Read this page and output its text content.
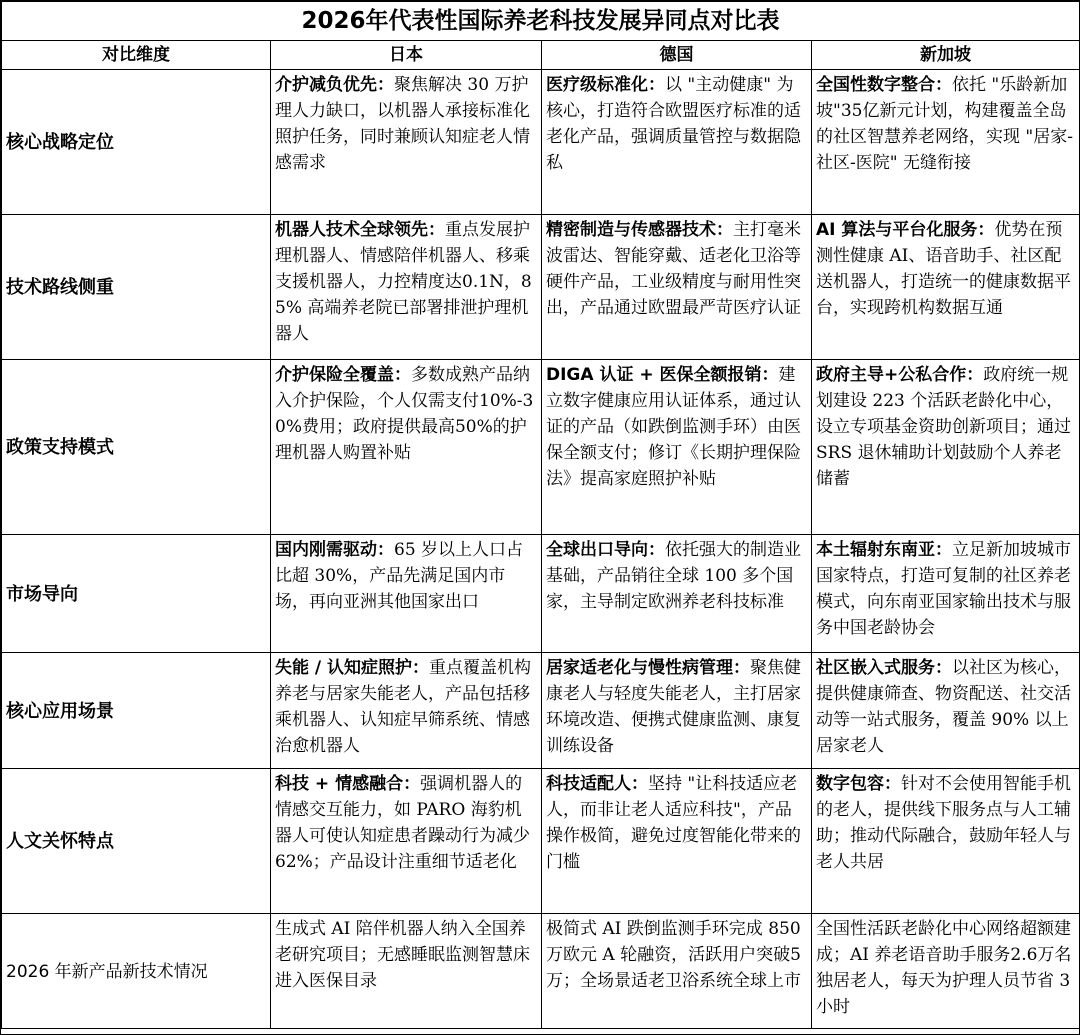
2026年代表性国际养老科技发展异同点对比表			
对比维度	日本	德国	新加坡
核心战略定位	介护减负优先：聚焦解决 30 万护理人力缺口，以机器人承接标准化照护任务，同时兼顾认知症老人情感需求	医疗级标准化：以 "主动健康" 为核心，打造符合欧盟医疗标准的适老化产品，强调质量管控与数据隐私	全国性数字整合：依托 "乐龄新加坡"35亿新元计划，构建覆盖全岛的社区智慧养老网络，实现 "居家-社区-医院" 无缝衔接
技术路线侧重	机器人技术全球领先：重点发展护理机器人、情感陪伴机器人、移乘支援机器人，力控精度达0.1N，85% 高端养老院已部署排泄护理机器人	精密制造与传感器技术：主打毫米波雷达、智能穿戴、适老化卫浴等硬件产品，工业级精度与耐用性突出，产品通过欧盟最严苛医疗认证	AI 算法与平台化服务：优势在预测性健康 AI、语音助手、社区配送机器人，打造统一的健康数据平台，实现跨机构数据互通
政策支持模式	介护保险全覆盖：多数成熟产品纳入介护保险，个人仅需支付10%-30%费用；政府提供最高50%的护理机器人购置补贴	DIGA 认证 + 医保全额报销：建立数字健康应用认证体系，通过认证的产品（如跌倒监测手环）由医保全额支付；修订《长期护理保险法》提高家庭照护补贴	政府主导+公私合作：政府统一规划建设 223 个活跃老龄化中心，设立专项基金资助创新项目；通过 SRS 退休辅助计划鼓励个人养老储蓄
市场导向	国内刚需驱动：65 岁以上人口占比超 30%，产品先满足国内市场，再向亚洲其他国家出口	全球出口导向：依托强大的制造业基础，产品销往全球 100 多个国家，主导制定欧洲养老科技标准	本土辐射东南亚：立足新加坡城市国家特点，打造可复制的社区养老模式，向东南亚国家输出技术与服务中国老龄协会
核心应用场景	失能 / 认知症照护：重点覆盖机构养老与居家失能老人，产品包括移乘机器人、认知症早筛系统、情感治愈机器人	居家适老化与慢性病管理：聚焦健康老人与轻度失能老人，主打居家环境改造、便携式健康监测、康复训练设备	社区嵌入式服务：以社区为核心，提供健康筛查、物资配送、社交活动等一站式服务，覆盖 90% 以上居家老人
人文关怀特点	科技 + 情感融合：强调机器人的情感交互能力，如 PARO 海豹机器人可使认知症患者躁动行为减少 62%；产品设计注重细节适老化	科技适配人：坚持 "让科技适应老人，而非让老人适应科技"，产品操作极简，避免过度智能化带来的门槛	数字包容：针对不会使用智能手机的老人，提供线下服务点与人工辅助；推动代际融合，鼓励年轻人与老人共居
2026 年新产品新技术情况	生成式 AI 陪伴机器人纳入全国养老研究项目；无感睡眠监测智慧床进入医保目录	极简式 AI 跌倒监测手环完成 850 万欧元 A 轮融资，活跃用户突破5万；全场景适老卫浴系统全球上市	全国性活跃老龄化中心网络超额建成；AI 养老语音助手服务2.6万名独居老人，每天为护理人员节省 3 小时
